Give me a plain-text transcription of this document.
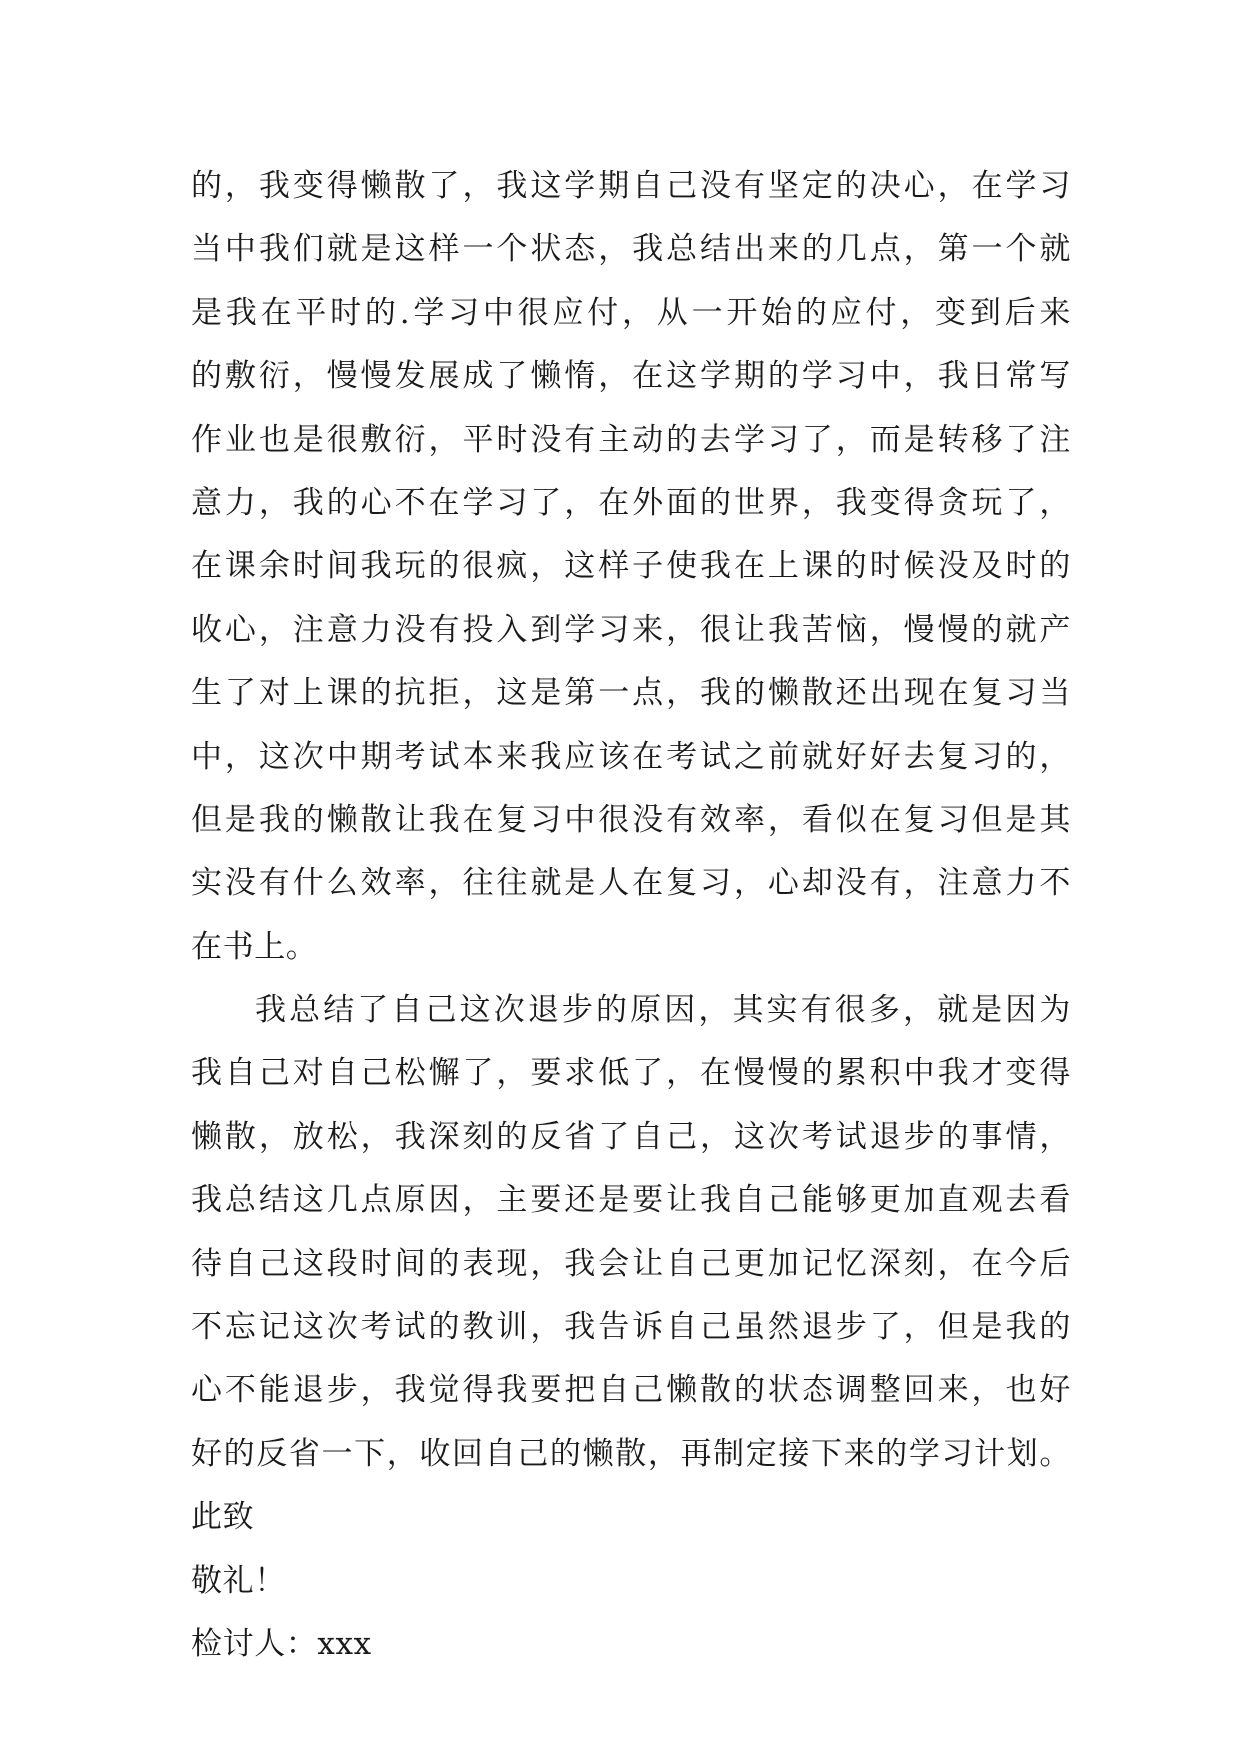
的，我变得懒散了，我这学期自己没有坚定的决心，在学习
当中我们就是这样一个状态，我总结出来的几点，第一个就
是我在平时的.学习中很应付，从一开始的应付，变到后来
的敷衍，慢慢发展成了懒惰，在这学期的学习中，我日常写
作业也是很敷衍，平时没有主动的去学习了，而是转移了注
意力，我的心不在学习了，在外面的世界，我变得贪玩了，
在课余时间我玩的很疯，这样子使我在上课的时候没及时的
收心，注意力没有投入到学习来，很让我苦恼，慢慢的就产
生了对上课的抗拒，这是第一点，我的懒散还出现在复习当
中，这次中期考试本来我应该在考试之前就好好去复习的，
但是我的懒散让我在复习中很没有效率，看似在复习但是其
实没有什么效率，往往就是人在复习，心却没有，注意力不
在书上。
我总结了自己这次退步的原因，其实有很多，就是因为
我自己对自己松懈了，要求低了，在慢慢的累积中我才变得
懒散，放松，我深刻的反省了自己，这次考试退步的事情，
我总结这几点原因，主要还是要让我自己能够更加直观去看
待自己这段时间的表现，我会让自己更加记忆深刻，在今后
不忘记这次考试的教训，我告诉自己虽然退步了，但是我的
心不能退步，我觉得我要把自己懒散的状态调整回来，也好
好的反省一下，收回自己的懒散，再制定接下来的学习计划。
此致
敬礼！
检讨人：xxx
